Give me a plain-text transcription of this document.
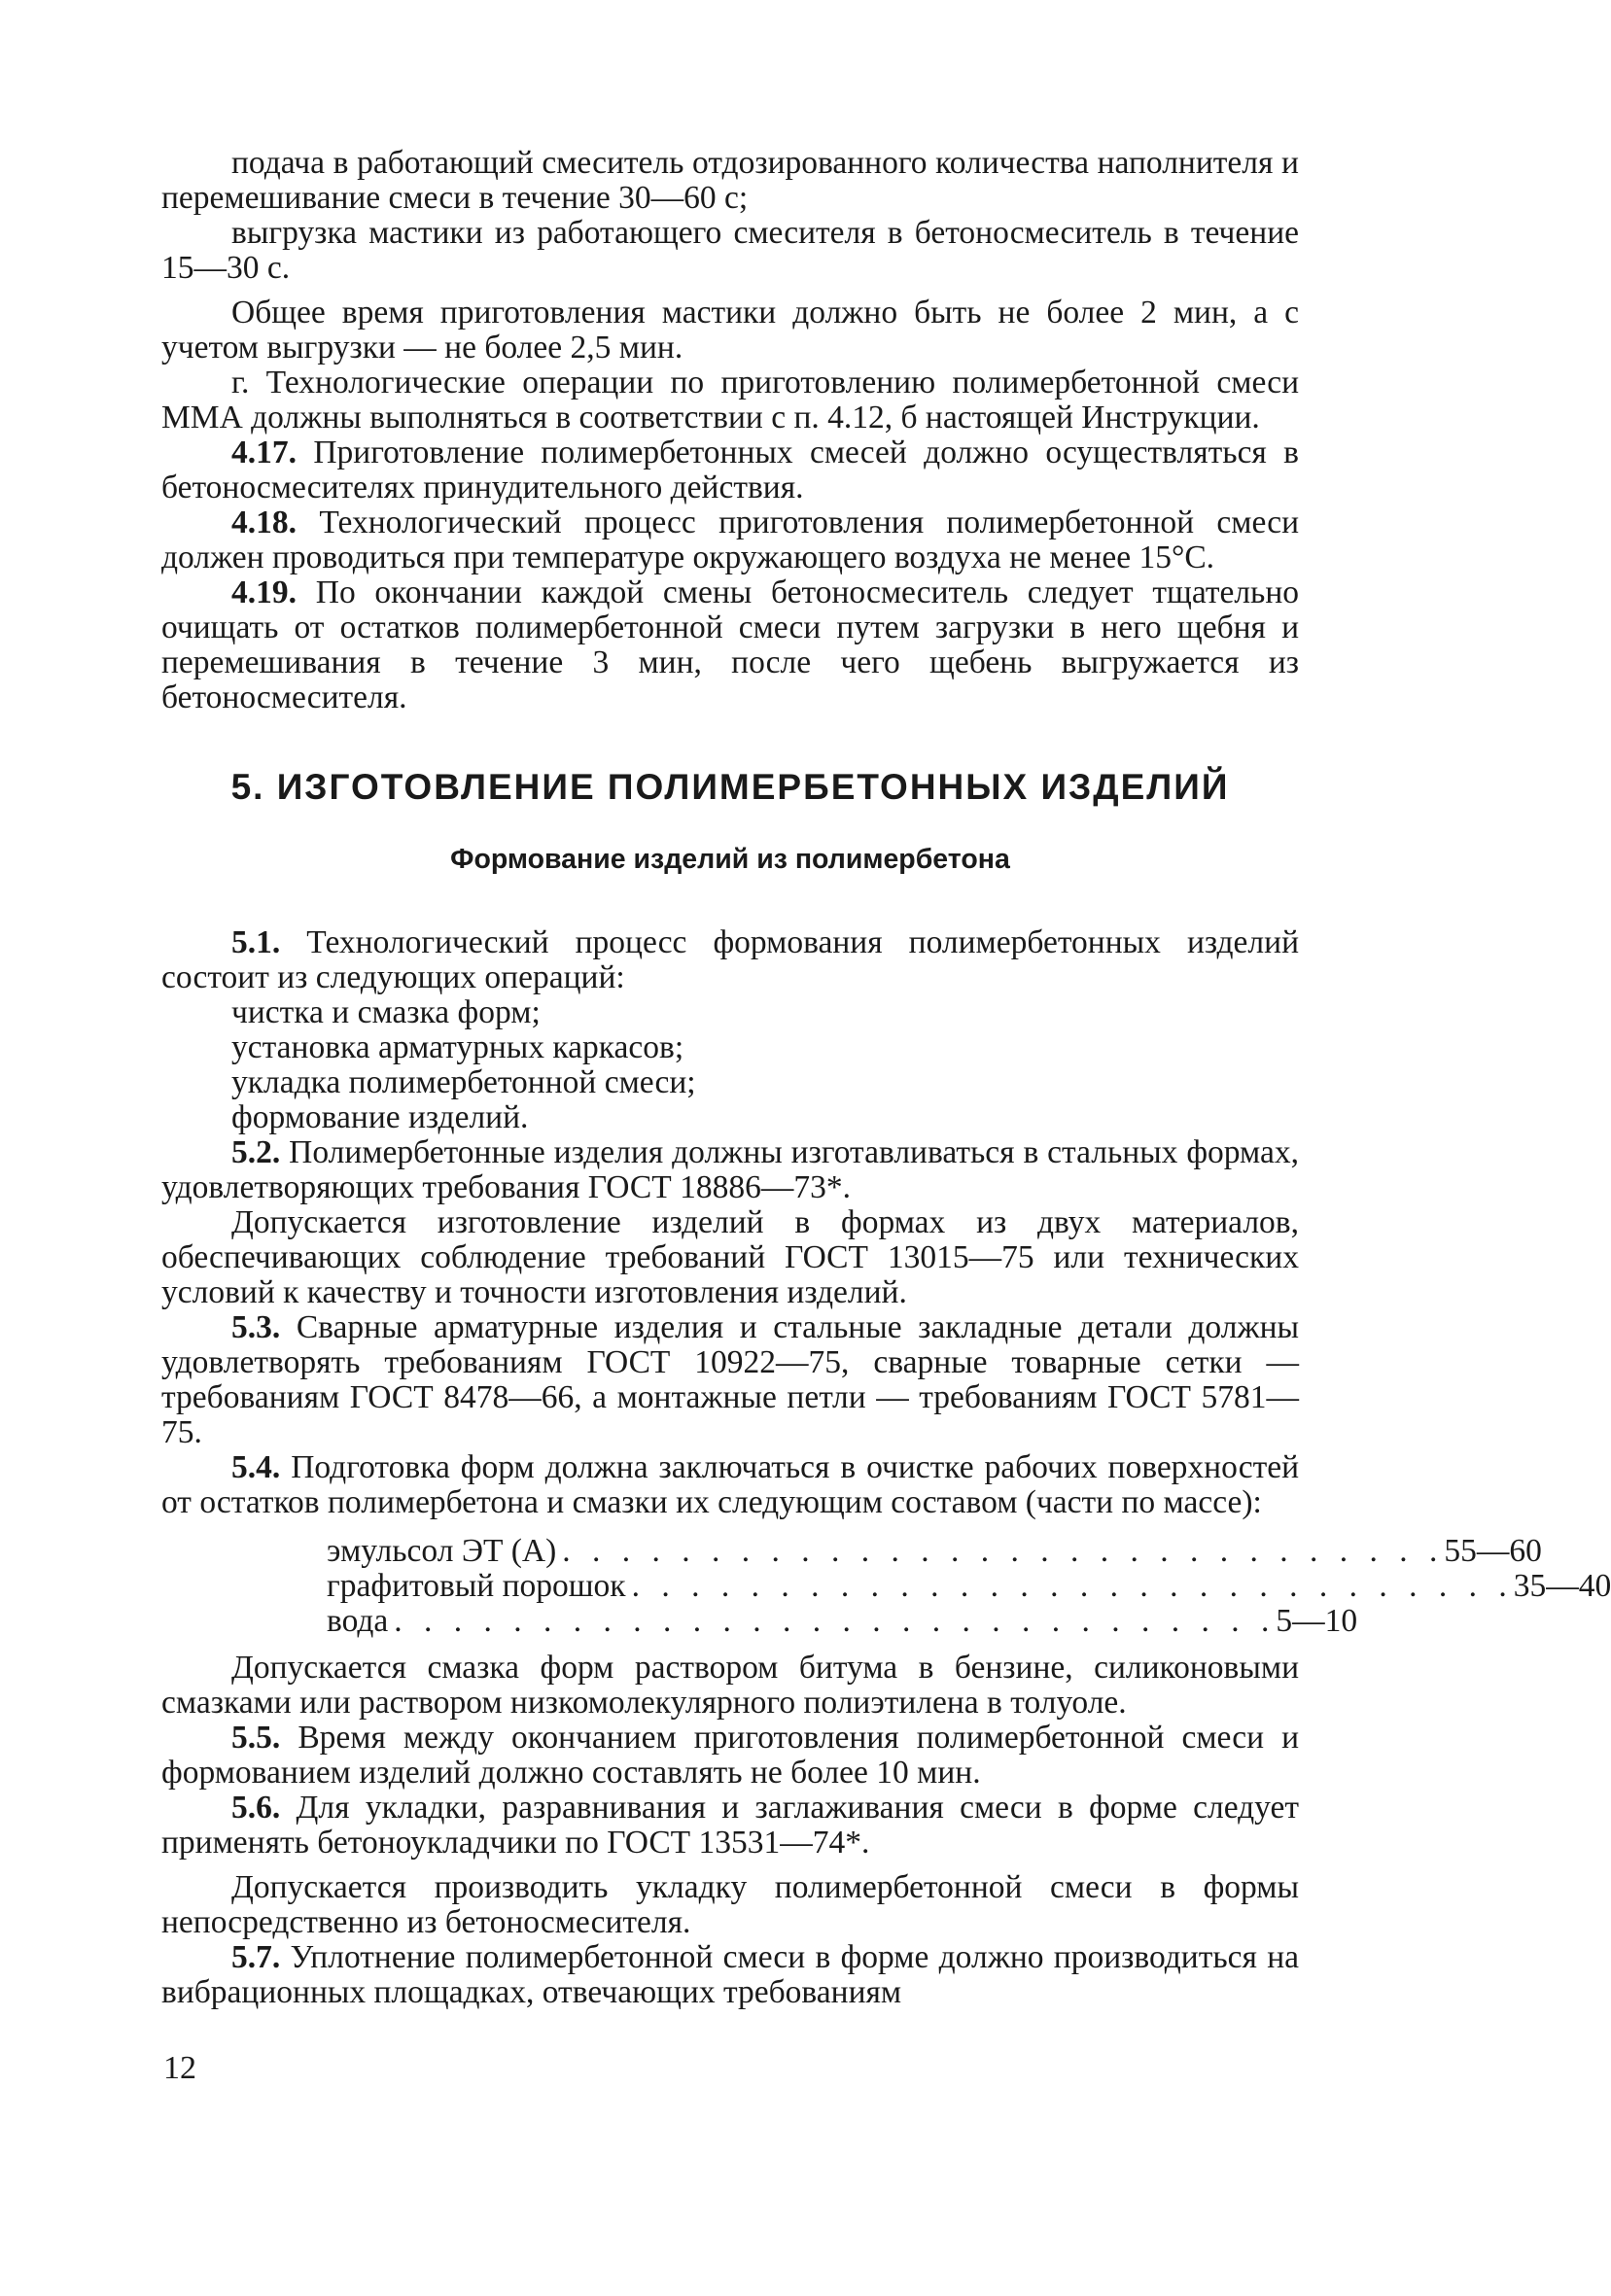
подача в работающий смеситель отдозированного количества наполнителя и перемешивание смеси в течение 30—60 с;

выгрузка мастики из работающего смесителя в бетоносмеситель в течение 15—30 с.

Общее время приготовления мастики должно быть не более 2 мин, а с учетом выгрузки — не более 2,5 мин.

г. Технологические операции по приготовлению полимербетонной смеси ММА должны выполняться в соответствии с п. 4.12, б настоящей Инструкции.

4.17. Приготовление полимербетонных смесей должно осуществляться в бетоносмесителях принудительного действия.

4.18. Технологический процесс приготовления полимербетонной смеси должен проводиться при температуре окружающего воздуха не менее 15°С.

4.19. По окончании каждой смены бетоносмеситель следует тщательно очищать от остатков полимербетонной смеси путем загрузки в него щебня и перемешивания в течение 3 мин, после чего щебень выгружается из бетоносмесителя.

5. ИЗГОТОВЛЕНИЕ ПОЛИМЕРБЕТОННЫХ ИЗДЕЛИЙ
Формование изделий из полимербетона

5.1. Технологический процесс формования полимербетонных изделий состоит из следующих операций:

чистка и смазка форм;

установка арматурных каркасов;

укладка полимербетонной смеси;

формование изделий.

5.2. Полимербетонные изделия должны изготавливаться в стальных формах, удовлетворяющих требования ГОСТ 18886—73*.

Допускается изготовление изделий в формах из двух материалов, обеспечивающих соблюдение требований ГОСТ 13015—75 или технических условий к качеству и точности изготовления изделий.

5.3. Сварные арматурные изделия и стальные закладные детали должны удовлетворять требованиям ГОСТ 10922—75, сварные товарные сетки — требованиям ГОСТ 8478—66, а монтажные петли — требованиям ГОСТ 5781—75.

5.4. Подготовка форм должна заключаться в очистке рабочих поверхностей от остатков полимербетона и смазки их следующим составом (части по массе):

эмульсол ЭТ (А) . . . . . . . . . . . . . . . . . . . . . . . . . . . . . . 55—60
графитовый порошок . . . . . . . . . . . . . . . . . . . . . . . . . . . . . . 35—40
вода . . . . . . . . . . . . . . . . . . . . . . . . . . . . . . 5—10

Допускается смазка форм раствором битума в бензине, силиконовыми смазками или раствором низкомолекулярного полиэтилена в толуоле.

5.5. Время между окончанием приготовления полимербетонной смеси и формованием изделий должно составлять не более 10 мин.

5.6. Для укладки, разравнивания и заглаживания смеси в форме следует применять бетоноукладчики по ГОСТ 13531—74*.

Допускается производить укладку полимербетонной смеси в формы непосредственно из бетоносмесителя.

5.7. Уплотнение полимербетонной смеси в форме должно производиться на вибрационных площадках, отвечающих требованиям

12
